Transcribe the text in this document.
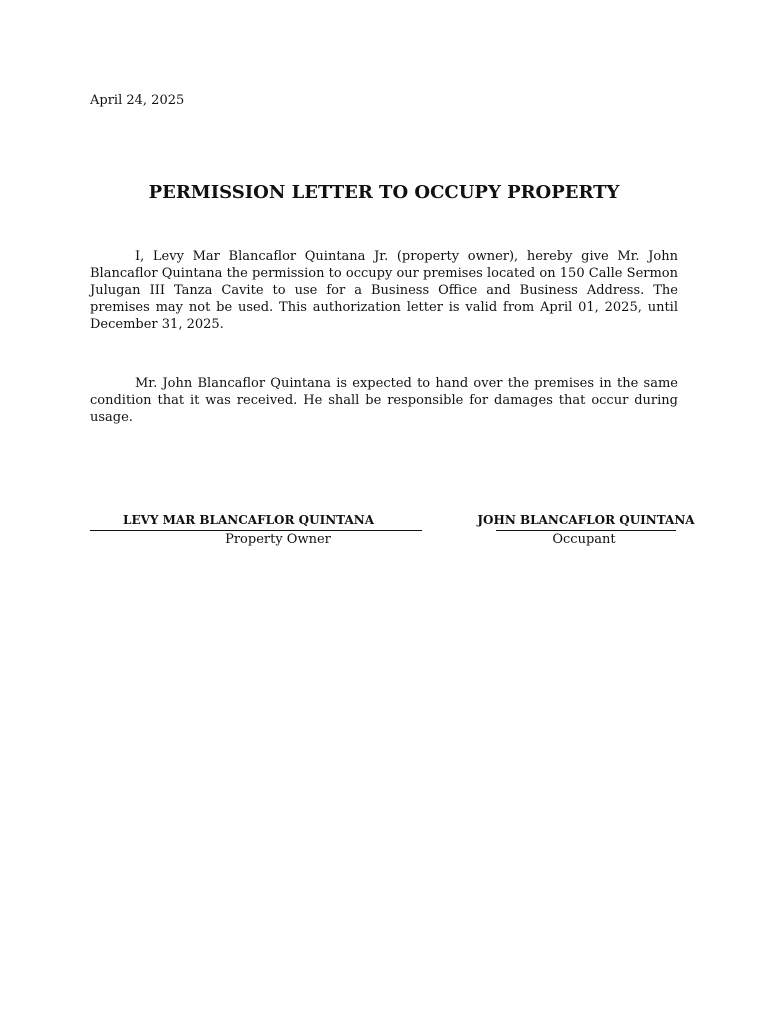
April 24, 2025
PERMISSION LETTER TO OCCUPY PROPERTY

I, Levy Mar Blancaflor Quintana Jr. (property owner), hereby give Mr. John Blancaflor Quintana the permission to occupy our premises located on 150 Calle Sermon Julugan III Tanza Cavite to use for a Business Office and Business Address. The premises may not be used. This authorization letter is valid from April 01, 2025, until December 31, 2025.

Mr. John Blancaflor Quintana is expected to hand over the premises in the same condition that it was received. He shall be responsible for damages that occur during usage.

LEVY MAR BLANCAFLOR QUINTANA
Property Owner
JOHN BLANCAFLOR QUINTANA
Occupant
